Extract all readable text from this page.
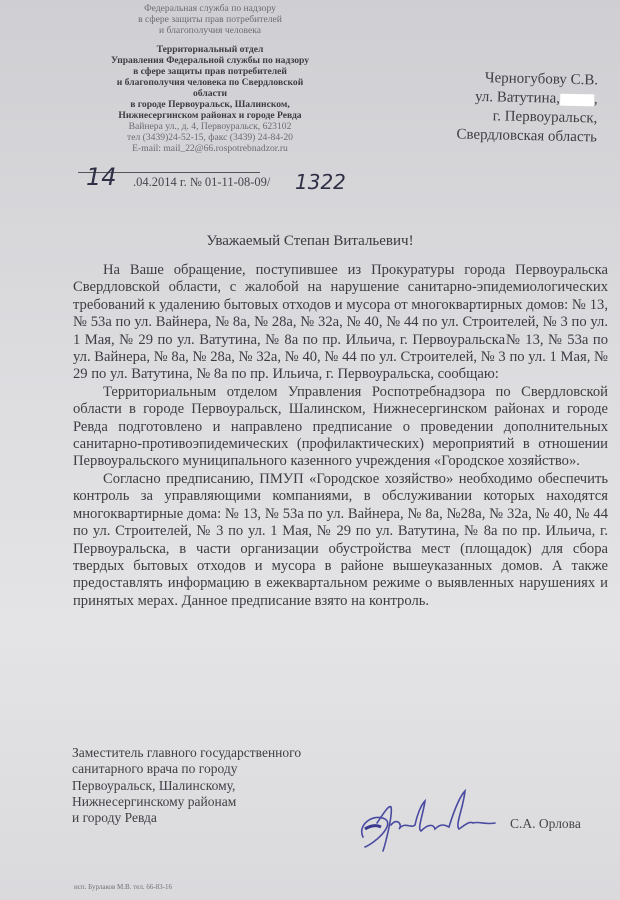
Федеральная служба по надзору
в сфере защиты прав потребителей
и благополучия человека
Территориальный отдел
Управления Федеральной службы по надзору
в сфере защиты прав потребителей
и благополучия человека по Свердловской
области
в городе Первоуральск, Шалинском,
Нижнесергинском районах и городе Ревда
Вайнера ул., д. 4, Первоуральск, 623102
тел (3439)24-52-15, факс (3439) 24-84-20
E-mail: mail_22@66.rospotrebnadzor.ru
14 .04.2014 г. № 01-11-08-09/ 1322
Черногубову С.В.
ул. Ватутина, ,
г. Первоуральск,
Свердловская область
Уважаемый Степан Витальевич!

На Ваше обращение, поступившее из Прокуратуры города Первоуральска Свердловской области, с жалобой на нарушение санитарно-эпидемиологических требований к удалению бытовых отходов и мусора от многоквартирных домов: № 13, № 53а по ул. Вайнера, № 8а, № 28а, № 32а, № 40, № 44 по ул. Строителей, № 3 по ул. 1 Мая, № 29 по ул. Ватутина, № 8а по пр. Ильича, г. Первоуральска№ 13, № 53а по ул. Вайнера, № 8а, № 28а, № 32а, № 40, № 44 по ул. Строителей, № 3 по ул. 1 Мая, № 29 по ул. Ватутина, № 8а по пр. Ильича, г. Первоуральска, сообщаю:

Территориальным отделом Управления Роспотребнадзора по Свердловской области в городе Первоуральск, Шалинском, Нижнесергинском районах и городе Ревда подготовлено и направлено предписание о проведении дополнительных санитарно-противоэпидемических (профилактических) мероприятий в отношении Первоуральского муниципального казенного учреждения «Городское хозяйство».

Согласно предписанию, ПМУП «Городское хозяйство» необходимо обеспечить контроль за управляющими компаниями, в обслуживании которых находятся многоквартирные дома: № 13, № 53а по ул. Вайнера, № 8а, №28а, № 32а, № 40, № 44 по ул. Строителей, № 3 по ул. 1 Мая, № 29 по ул. Ватутина, № 8а по пр. Ильича, г. Первоуральска, в части организации обустройства мест (площадок) для сбора твердых бытовых отходов и мусора в районе вышеуказанных домов. А также предоставлять информацию в ежеквартальном режиме о выявленных нарушениях и принятых мерах. Данное предписание взято на контроль.

Заместитель главного государственного
санитарного врача по городу
Первоуральск, Шалинскому,
Нижнесергинскому районам
и городу Ревда	С.А. Орлова
исп. Бурлаков М.В. тел. 66-83-16
